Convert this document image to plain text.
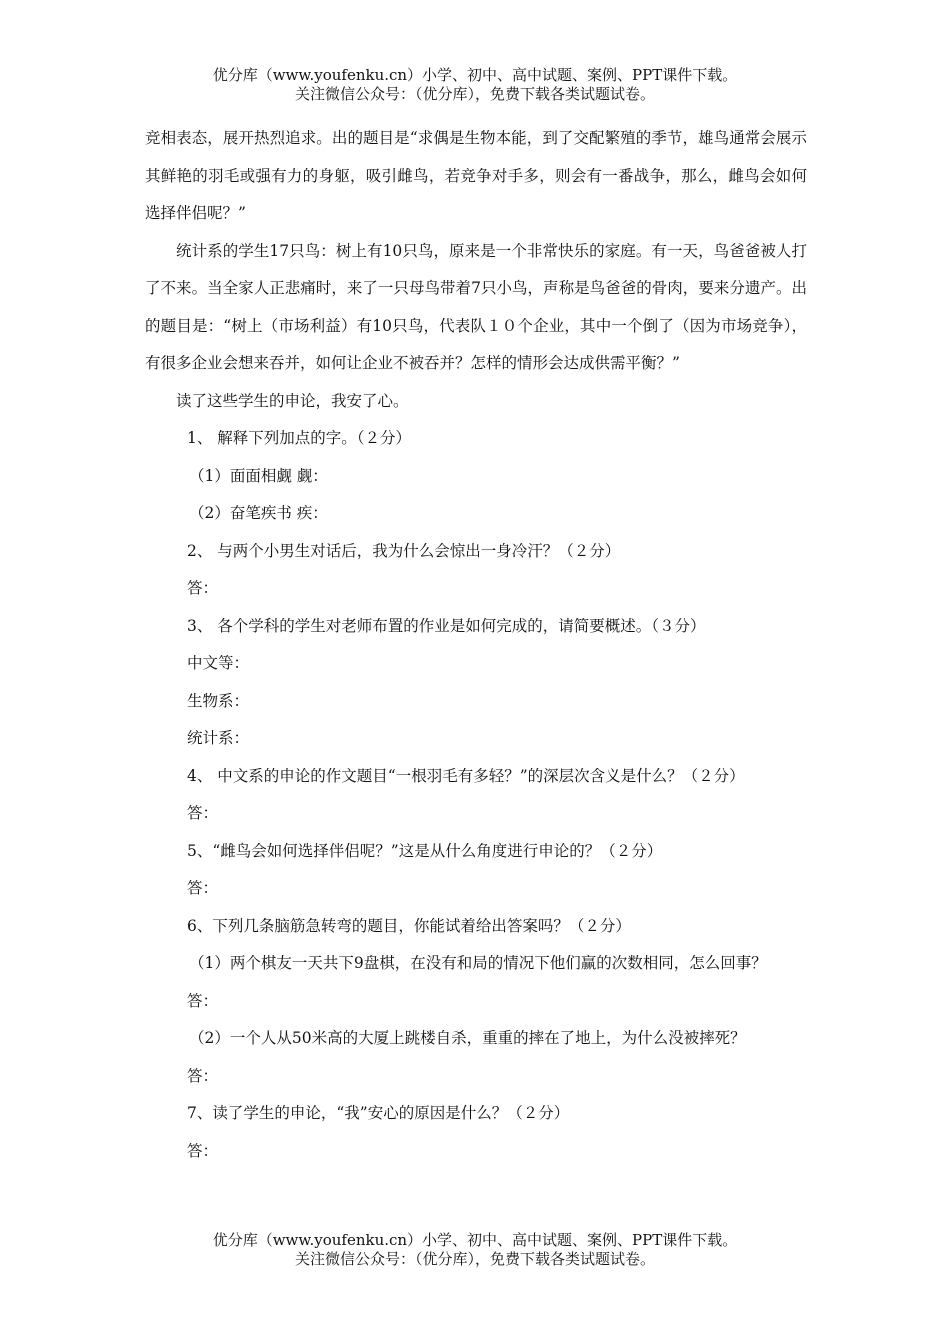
优分库（www.youfenku.cn）小学、初中、高中试题、案例、PPT课件下载。
关注微信公众号：（优分库），免费下载各类试题试卷。

竞相表态，展开热烈追求。出的题目是“求偶是生物本能，到了交配繁殖的季节，雄鸟通常会展示其鲜艳的羽毛或强有力的身躯，吸引雌鸟，若竞争对手多，则会有一番战争，那么，雌鸟会如何选择伴侣呢？”

统计系的学生17只鸟：树上有10只鸟，原来是一个非常快乐的家庭。有一天，鸟爸爸被人打了不来。当全家人正悲痛时，来了一只母鸟带着7只小鸟，声称是鸟爸爸的骨肉，要来分遗产。出的题目是：“树上（市场利益）有10只鸟，代表队１０个企业，其中一个倒了（因为市场竞争），有很多企业会想来吞并，如何让企业不被吞并？怎样的情形会达成供需平衡？”

读了这些学生的申论，我安了心。

1、 解释下列加点的字。（２分）

（1）面面相觑 觑：

（2）奋笔疾书 疾：

2、 与两个小男生对话后，我为什么会惊出一身冷汗？（２分）

答：

3、 各个学科的学生对老师布置的作业是如何完成的，请简要概述。（３分）

中文等：

生物系：

统计系：

4、 中文系的申论的作文题目“一根羽毛有多轻？”的深层次含义是什么？（２分）

答：

5、“雌鸟会如何选择伴侣呢？”这是从什么角度进行申论的？（２分）

答：

6、下列几条脑筋急转弯的题目，你能试着给出答案吗？（２分）

（1）两个棋友一天共下9盘棋，在没有和局的情况下他们赢的次数相同，怎么回事？

答：

（2）一个人从50米高的大厦上跳楼自杀，重重的摔在了地上，为什么没被摔死？

答：

7、读了学生的申论，“我”安心的原因是什么？（２分）

答：

优分库（www.youfenku.cn）小学、初中、高中试题、案例、PPT课件下载。
关注微信公众号：（优分库），免费下载各类试题试卷。
